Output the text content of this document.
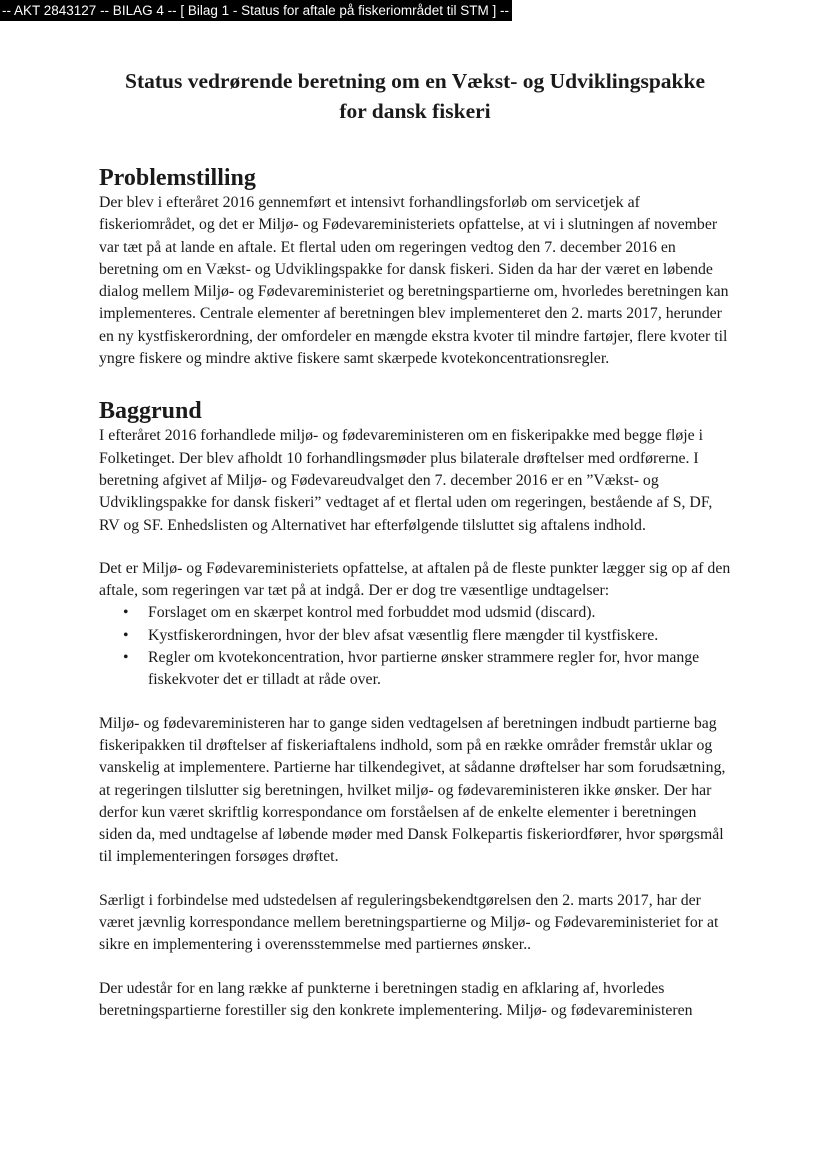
-- AKT 2843127 -- BILAG 4 -- [ Bilag 1 - Status for aftale på fiskeriområdet til STM ] --
Status vedrørende beretning om en Vækst- og Udviklingspakke
for dansk fiskeri
Problemstilling

Der blev i efteråret 2016 gennemført et intensivt forhandlingsforløb om servicetjek af fiskeriområdet, og det er Miljø- og Fødevareministeriets opfattelse, at vi i slutningen af november var tæt på at lande en aftale. Et flertal uden om regeringen vedtog den 7. december 2016 en beretning om en Vækst- og Udviklingspakke for dansk fiskeri. Siden da har der været en løbende dialog mellem Miljø- og Fødevareministeriet og beretningspartierne om, hvorledes beretningen kan implementeres. Centrale elementer af beretningen blev implementeret den 2. marts 2017, herunder en ny kystfiskerordning, der omfordeler en mængde ekstra kvoter til mindre fartøjer, flere kvoter til yngre fiskere og mindre aktive fiskere samt skærpede kvotekoncentrationsregler.

Baggrund

I efteråret 2016 forhandlede miljø- og fødevareministeren om en fiskeripakke med begge fløje i Folketinget. Der blev afholdt 10 forhandlingsmøder plus bilaterale drøftelser med ordførerne. I beretning afgivet af Miljø- og Fødevareudvalget den 7. december 2016 er en ”Vækst- og Udviklingspakke for dansk fiskeri” vedtaget af et flertal uden om regeringen, bestående af S, DF, RV og SF. Enhedslisten og Alternativet har efterfølgende tilsluttet sig aftalens indhold.

Det er Miljø- og Fødevareministeriets opfattelse, at aftalen på de fleste punkter lægger sig op af den aftale, som regeringen var tæt på at indgå. Der er dog tre væsentlige undtagelser:

• Forslaget om en skærpet kontrol med forbuddet mod udsmid (discard).
• Kystfiskerordningen, hvor der blev afsat væsentlig flere mængder til kystfiskere.
• Regler om kvotekoncentration, hvor partierne ønsker strammere regler for, hvor mange fiskekvoter det er tilladt at råde over.

Miljø- og fødevareministeren har to gange siden vedtagelsen af beretningen indbudt partierne bag fiskeripakken til drøftelser af fiskeriaftalens indhold, som på en række områder fremstår uklar og vanskelig at implementere. Partierne har tilkendegivet, at sådanne drøftelser har som forudsætning, at regeringen tilslutter sig beretningen, hvilket miljø- og fødevareministeren ikke ønsker. Der har derfor kun været skriftlig korrespondance om forståelsen af de enkelte elementer i beretningen siden da, med undtagelse af løbende møder med Dansk Folkepartis fiskeriordfører, hvor spørgsmål til implementeringen forsøges drøftet.

Særligt i forbindelse med udstedelsen af reguleringsbekendtgørelsen den 2. marts 2017, har der været jævnlig korrespondance mellem beretningspartierne og Miljø- og Fødevareministeriet for at sikre en implementering i overensstemmelse med partiernes ønsker..

Der udestår for en lang række af punkterne i beretningen stadig en afklaring af, hvorledes beretningspartierne forestiller sig den konkrete implementering. Miljø- og fødevareministeren
